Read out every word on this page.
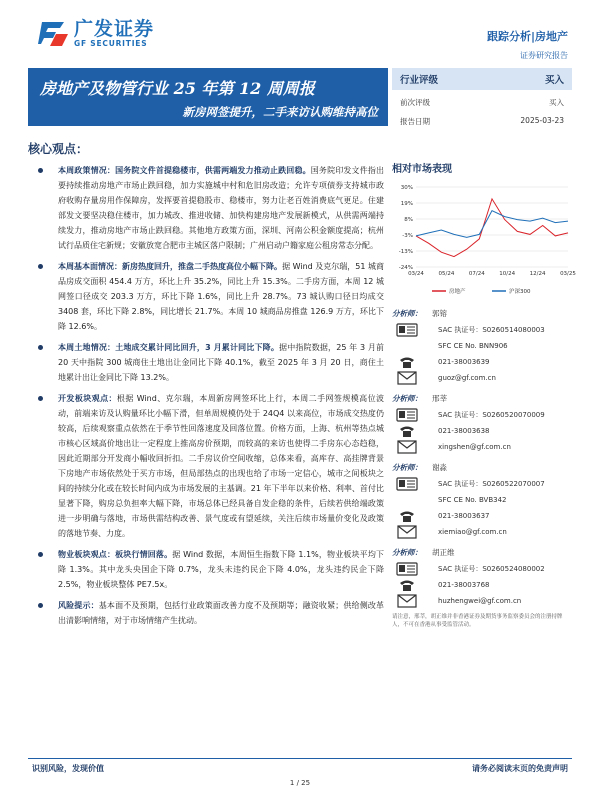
广发证券
GF SECURITIES	跟踪分析|房地产
证券研究报告
房地产及物管行业 25 年第 12 周周报
新房网签提升，二手来访认购维持高位
行业评级	买入
前次评级	买入
报告日期	2025-03-23
核心观点：
本周政策情况：国务院文件首提稳楼市，供需两端发力推动止跌回稳。国务院印发文件指出要持续推动房地产市场止跌回稳，加力实施城中村和危旧房改造；允许专项债券支持城市政府收购存量房用作保障房，发挥要首提稳股市、稳楼市，努力让老百姓消费底气更足。住建部发文要坚决稳住楼市，加力城改、推进收储、加快构建房地产发展新模式，从供需两端持续发力，推动房地产市场止跌回稳。其他地方政策方面，深圳、河南公积金额度提高；杭州试行品质住宅新规；安徽放宽合肥市主城区落户限制；广州启动户籍家庭公租房常态分配。
本周基本面情况：新房热度回升，推盘二手热度高位小幅下降。据 Wind 及克尔瑞，51 城商品房成交面积 454.4 万方，环比上升 35.2%，同比上升 15.3%。二手房方面，本周 12 城网签口径成交 203.3 万方，环比下降 1.6%，同比上升 28.7%。73 城认购口径日均成交 3408 套，环比下降 2.8%，同比增长 21.7%。本周 10 城商品房推盘 126.9 万方，环比下降 12.6%。
本周土地情况：土地成交累计同比回升，3 月累计同比下降。据中指院数据，25 年 3 月前 20 天中指院 300 城商住土地出让金同比下降 40.1%，截至 2025 年 3 月 20 日，商住土地累计出让金同比下降 13.2%。
开发板块观点：根据 Wind、克尔瑞，本周新房网签环比上行，本周二手网签规模高位波动，前端来访及认购量环比小幅下滑，但单周规模仍处于 24Q4 以来高位，市场成交热度仍较高，后续观察重点依然在于季节性回落速度及回落位置。价格方面，上海、杭州等热点城市核心区域高价地出让一定程度上推高房价预期，而较高的来访也使得二手房东心态趋稳，因此近期部分开发商小幅收回折扣。二手房议价空间收缩，总体来看，高库存、高挂牌背景下房地产市场依然处于买方市场，但局部热点的出现也给了市场一定信心，城市之间板块之间的持续分化或在较长时间内成为市场发展的主基调。21 年下半年以来价格、利率、首付比显著下降，购房总负担率大幅下降，市场总体已经具备自发企稳的条件，后续若供给端政策进一步明确与落地，市场供需结构改善、景气度或有望延续，关注后续市场量价变化及政策的落地节奏、力度。
物业板块观点：板块行情回落。据 Wind 数据，本周恒生指数下降 1.1%，物业板块平均下降 1.3%。其中龙头央国企下降 0.7%，龙头未违约民企下降 4.0%，龙头违约民企下降 2.5%，物业板块整体 PE7.5x。
风险提示：基本面不及预期，包括行业政策面改善力度不及预期等；融资收紧；供给侧改革出清影响情绪，对于市场情绪产生扰动。
相对市场表现
30%
19%
8%
-3%
-13%
-24%
03/24	05/24	07/24	10/24	12/24	03/25
房地产	沪深300
分析师：	郭镕
SAC 执证号：S0260514080003
SFC CE No. BNN906
021-38003639
guoz@gf.com.cn
分析师：	邢莘
SAC 执证号：S0260520070009
021-38003638
xingshen@gf.com.cn
分析师：	谢淼
SAC 执证号：S0260522070007
SFC CE No. BVB342
021-38003637
xiemiao@gf.com.cn
分析师：	胡正维
SAC 执证号：S0260524080002
021-38003768
huzhengwei@gf.com.cn
请注意，邢莘，胡正维并非香港证券及期货事务监察委员会的注册持牌人，不可在香港从事受监管活动。
识别风险，发现价值	请务必阅读末页的免责声明
1 / 25
